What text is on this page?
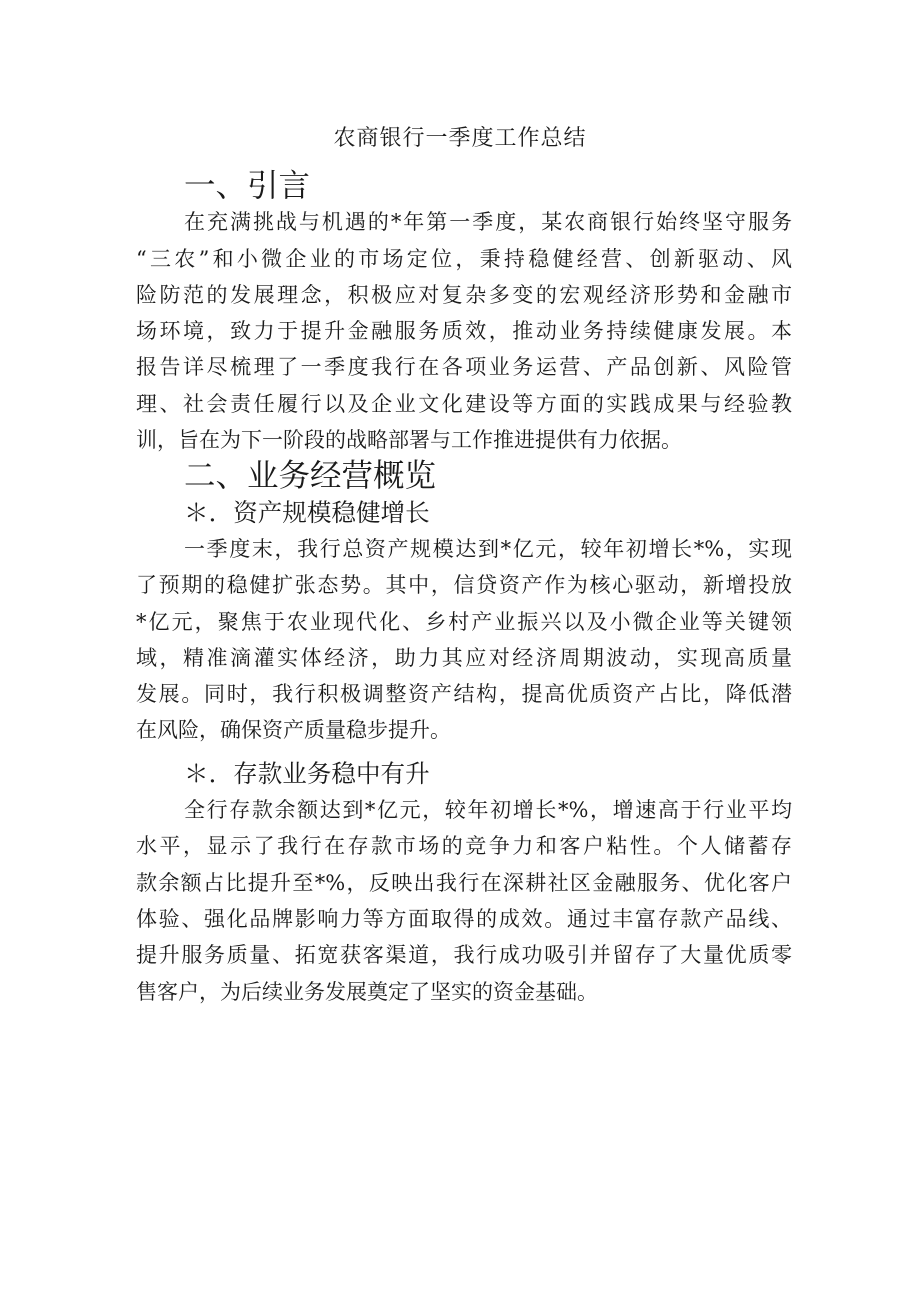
农商银行一季度工作总结
一、引言
在充满挑战与机遇的*年第一季度，某农商银行始终坚守服务
“三农”和小微企业的市场定位，秉持稳健经营、创新驱动、风
险防范的发展理念，积极应对复杂多变的宏观经济形势和金融市
场环境，致力于提升金融服务质效，推动业务持续健康发展。本
报告详尽梳理了一季度我行在各项业务运营、产品创新、风险管
理、社会责任履行以及企业文化建设等方面的实践成果与经验教
训，旨在为下一阶段的战略部署与工作推进提供有力依据。
二、业务经营概览
＊．资产规模稳健增长
一季度末，我行总资产规模达到*亿元，较年初增长*%，实现
了预期的稳健扩张态势。其中，信贷资产作为核心驱动，新增投放
*亿元，聚焦于农业现代化、乡村产业振兴以及小微企业等关键领
域，精准滴灌实体经济，助力其应对经济周期波动，实现高质量
发展。同时，我行积极调整资产结构，提高优质资产占比，降低潜
在风险，确保资产质量稳步提升。
＊．存款业务稳中有升
全行存款余额达到*亿元，较年初增长*%，增速高于行业平均
水平，显示了我行在存款市场的竞争力和客户粘性。个人储蓄存
款余额占比提升至*%，反映出我行在深耕社区金融服务、优化客户
体验、强化品牌影响力等方面取得的成效。通过丰富存款产品线、
提升服务质量、拓宽获客渠道，我行成功吸引并留存了大量优质零
售客户，为后续业务发展奠定了坚实的资金基础。
